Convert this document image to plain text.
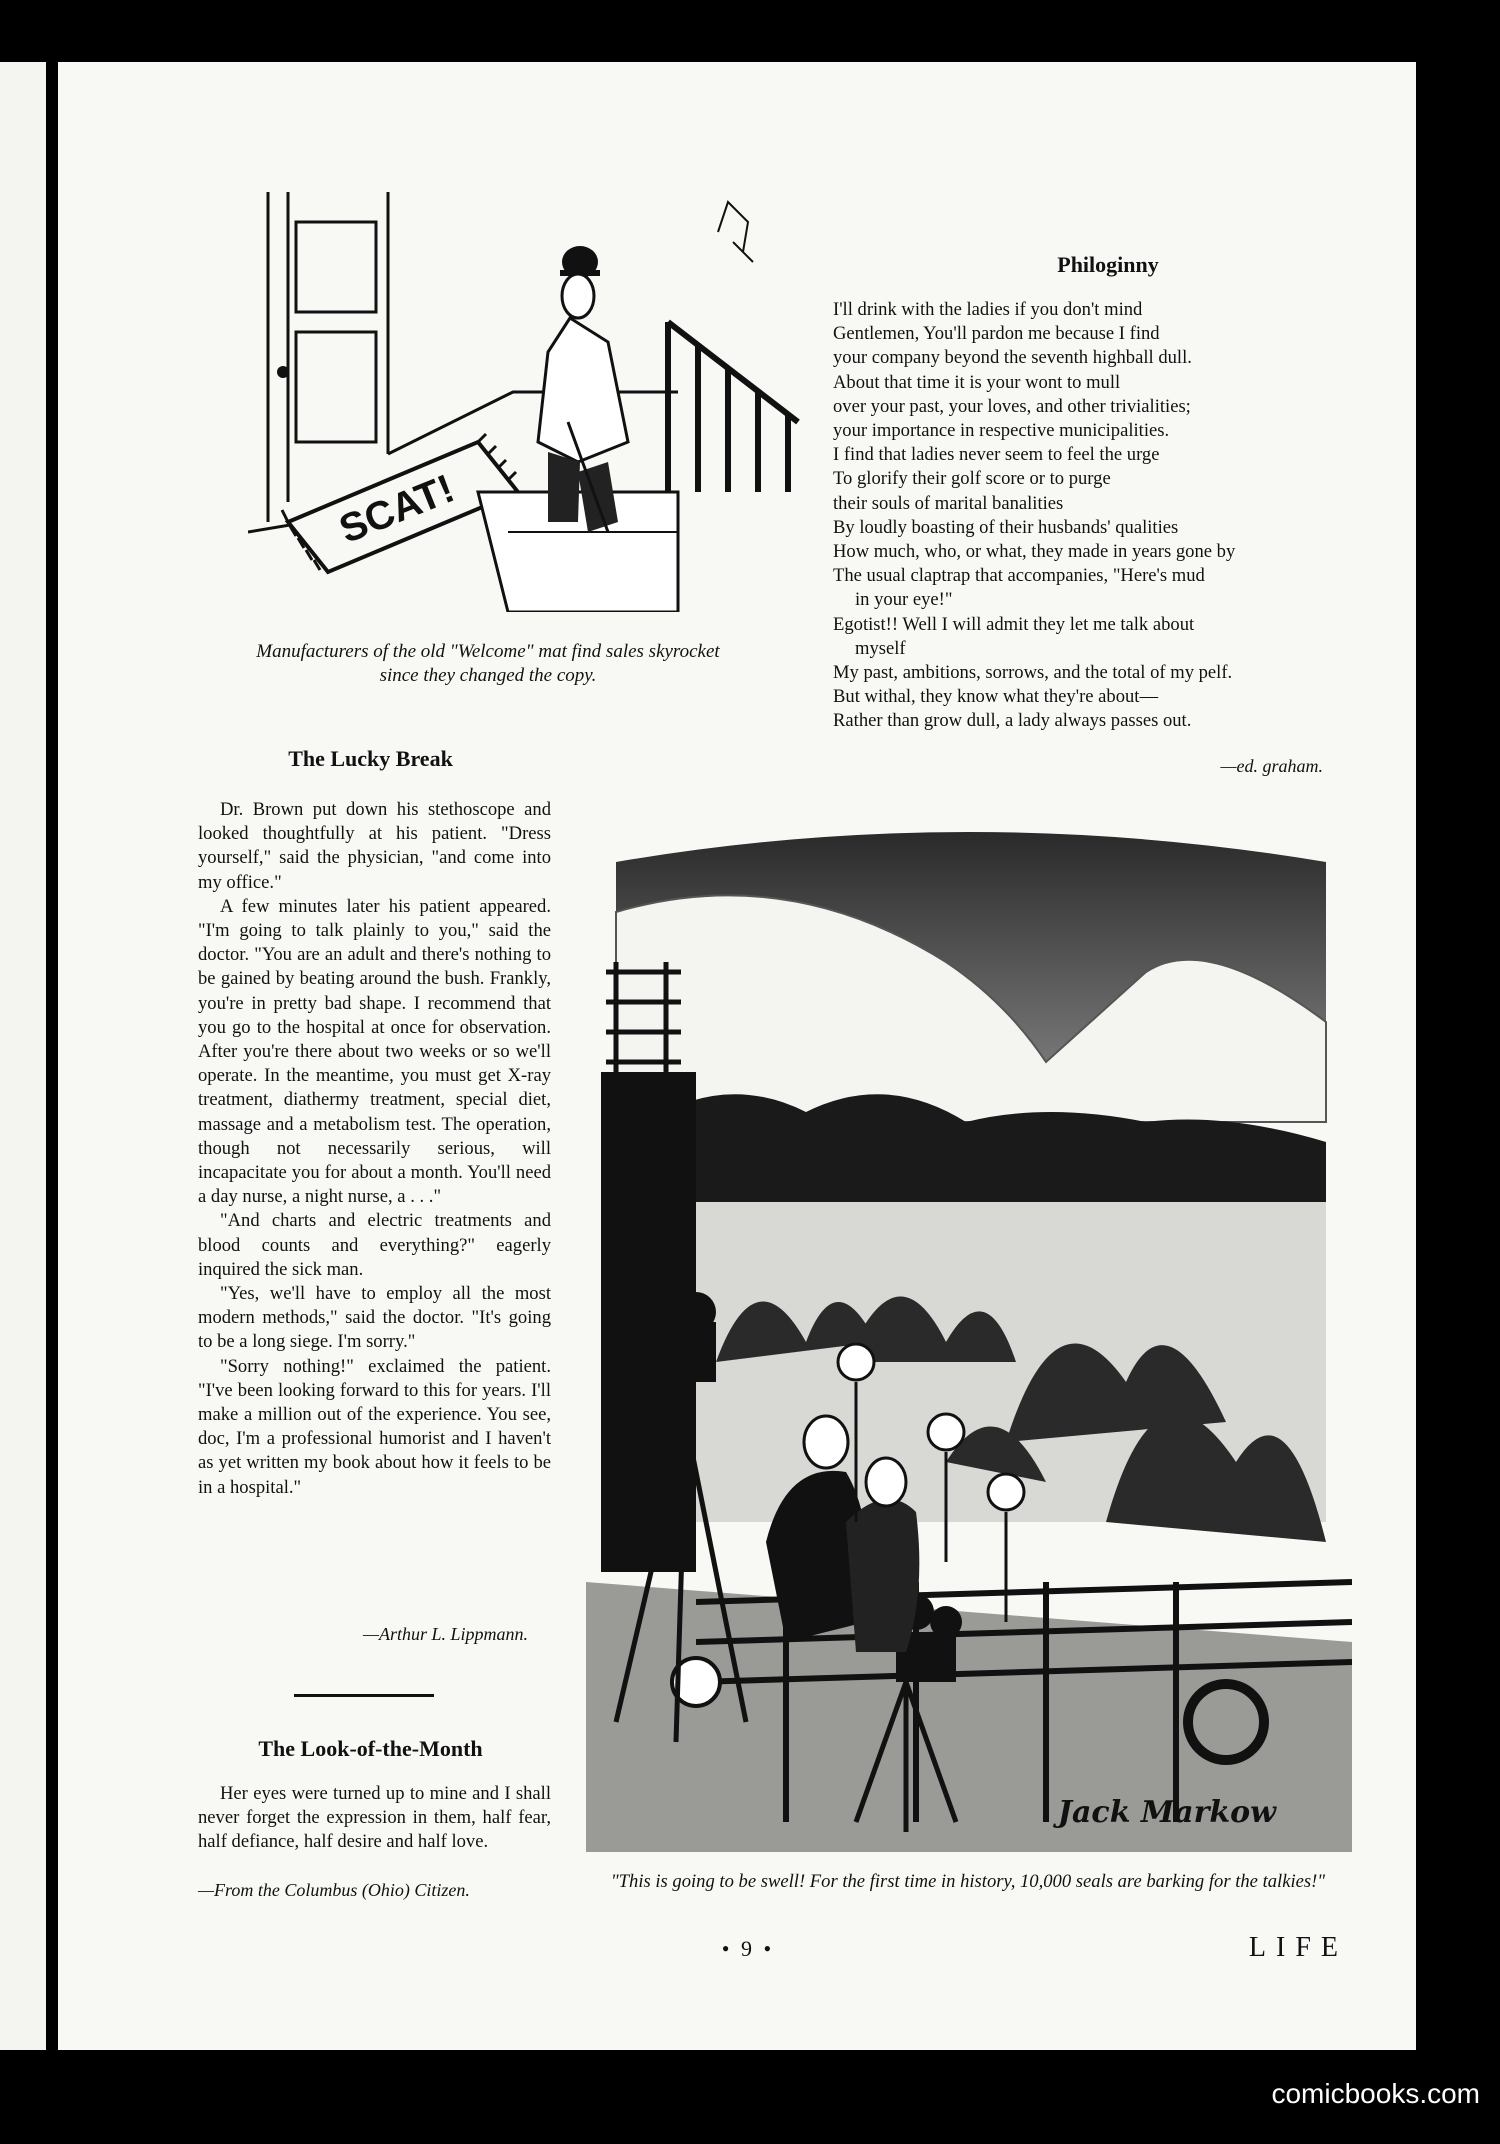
SCAT!
Manufacturers of the old "Welcome" mat find sales skyrocket
since they changed the copy.
Philoginny
I'll drink with the ladies if you don't mind
Gentlemen, You'll pardon me because I find
your company beyond the seventh highball dull.
About that time it is your wont to mull
over your past, your loves, and other trivialities;
your importance in respective municipalities.
I find that ladies never seem to feel the urge
To glorify their golf score or to purge
their souls of marital banalities
By loudly boasting of their husbands' qualities
How much, who, or what, they made in years gone by
The usual claptrap that accompanies, "Here's mud
in your eye!"
Egotist!! Well I will admit they let me talk about
myself
My past, ambitions, sorrows, and the total of my pelf.
But withal, they know what they're about—
Rather than grow dull, a lady always passes out.
—ed. graham.
The Lucky Break

Dr. Brown put down his stethoscope and looked thoughtfully at his patient. "Dress yourself," said the physician, "and come into my office."

A few minutes later his patient appeared. "I'm going to talk plainly to you," said the doctor. "You are an adult and there's nothing to be gained by beating around the bush. Frankly, you're in pretty bad shape. I recommend that you go to the hospital at once for observation. After you're there about two weeks or so we'll operate. In the meantime, you must get X-ray treatment, diathermy treatment, special diet, massage and a metabolism test. The operation, though not necessarily serious, will incapacitate you for about a month. You'll need a day nurse, a night nurse, a . . ."

"And charts and electric treatments and blood counts and everything?" eagerly inquired the sick man.

"Yes, we'll have to employ all the most modern methods," said the doctor. "It's going to be a long siege. I'm sorry."

"Sorry nothing!" exclaimed the patient. "I've been looking forward to this for years. I'll make a million out of the experience. You see, doc, I'm a professional humorist and I haven't as yet written my book about how it feels to be in a hospital."

—Arthur L. Lippmann.
The Look-of-the-Month

Her eyes were turned up to mine and I shall never forget the expression in them, half fear, half defiance, half desire and half love.

—From the Columbus (Ohio) Citizen.
Jack Markow
"This is going to be swell! For the first time in history, 10,000 seals are barking for the talkies!"
• 9 •	LIFE
comicbooks.com
